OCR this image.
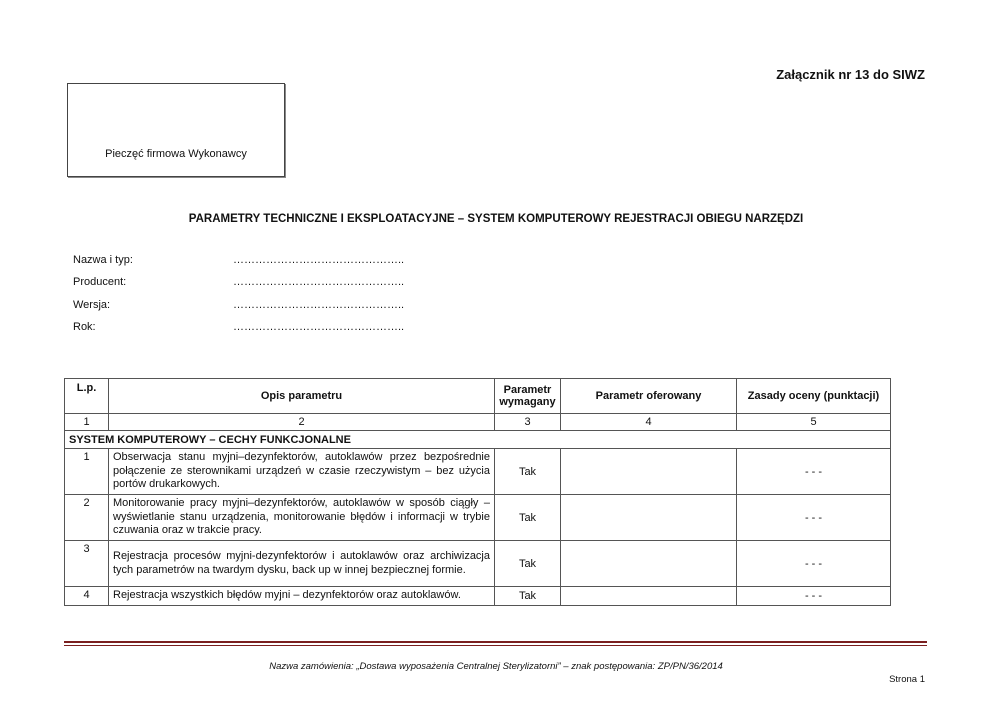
Załącznik nr 13 do SIWZ
Pieczęć firmowa Wykonawcy
PARAMETRY TECHNICZNE I EKSPLOATACYJNE – SYSTEM KOMPUTEROWY REJESTRACJI OBIEGU NARZĘDZI
Nazwa i typ:	………………………………………..
Producent:	………………………………………..
Wersja:	………………………………………..
Rok:	………………………………………..
L.p.	Opis parametru	Parametr wymagany	Parametr oferowany	Zasady oceny (punktacji)
1	2	3	4	5
SYSTEM KOMPUTEROWY – CECHY FUNKCJONALNE				
1	Obserwacja stanu myjni–dezynfektorów, autoklawów przez bezpośrednie połączenie ze sterownikami urządzeń w czasie rzeczywistym – bez użycia portów drukarkowych.	Tak		- - -
2	Monitorowanie pracy myjni–dezynfektorów, autoklawów w sposób ciągły – wyświetlanie stanu urządzenia, monitorowanie błędów i informacji w trybie czuwania oraz w trakcie pracy.	Tak		- - -
3	Rejestracja procesów myjni-dezynfektorów i autoklawów oraz archiwizacja tych parametrów na twardym dysku, back up w innej bezpiecznej formie.	Tak		- - -
4	Rejestracja wszystkich błędów myjni – dezynfektorów oraz autoklawów.	Tak		- - -
Nazwa zamówienia: „Dostawa wyposażenia Centralnej Sterylizatorni” – znak postępowania: ZP/PN/36/2014
Strona 1
